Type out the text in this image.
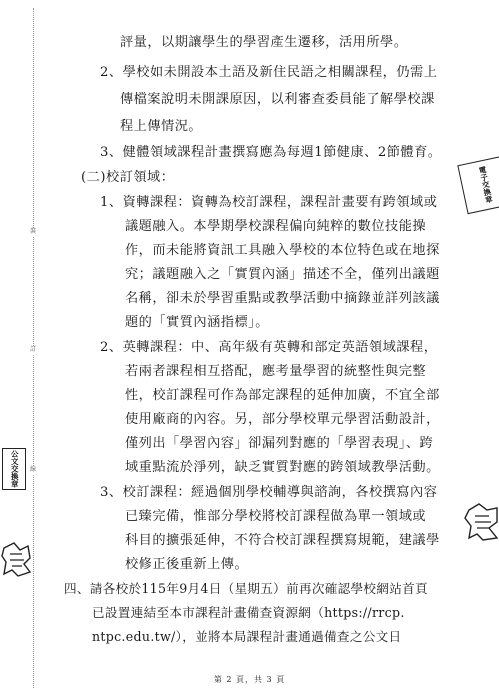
裝
訂
線
評量，以期讓學生的學習產生遷移，活用所學。
2、學校如未開設本土語及新住民語之相關課程，仍需上
傳檔案說明未開課原因，以利審查委員能了解學校課
程上傳情況。
3、健體領域課程計畫撰寫應為每週1節健康、2節體育。
(二)校訂領域：
1、資轉課程：資轉為校訂課程，課程計畫要有跨領域或
議題融入。本學期學校課程偏向純粹的數位技能操
作，而未能將資訊工具融入學校的本位特色或在地探
究；議題融入之「實質內涵」描述不全，僅列出議題
名稱，卻未於學習重點或教學活動中摘錄並詳列該議
題的「實質內涵指標」。
2、英轉課程：中、高年級有英轉和部定英語領域課程，
若兩者課程相互搭配，應考量學習的統整性與完整
性，校訂課程可作為部定課程的延伸加廣，不宜全部
使用廠商的內容。另，部分學校單元學習活動設計，
僅列出「學習內容」卻漏列對應的「學習表現」、跨
域重點流於淨列，缺乏實質對應的跨領域教學活動。
3、校訂課程：經過個別學校輔導與諮詢，各校撰寫內容
已臻完備，惟部分學校將校訂課程做為單一領域或
科目的擴張延伸，不符合校訂課程撰寫規範，建議學
校修正後重新上傳。
四、請各校於115年9月4日（星期五）前再次確認學校網站首頁
已設置連結至本市課程計畫備查資源網（https://rrcp.
ntpc.edu.tw/），並將本局課程計畫通過備查之公文日
電子交換章
公文交換章
第 2 頁，共 3 頁
